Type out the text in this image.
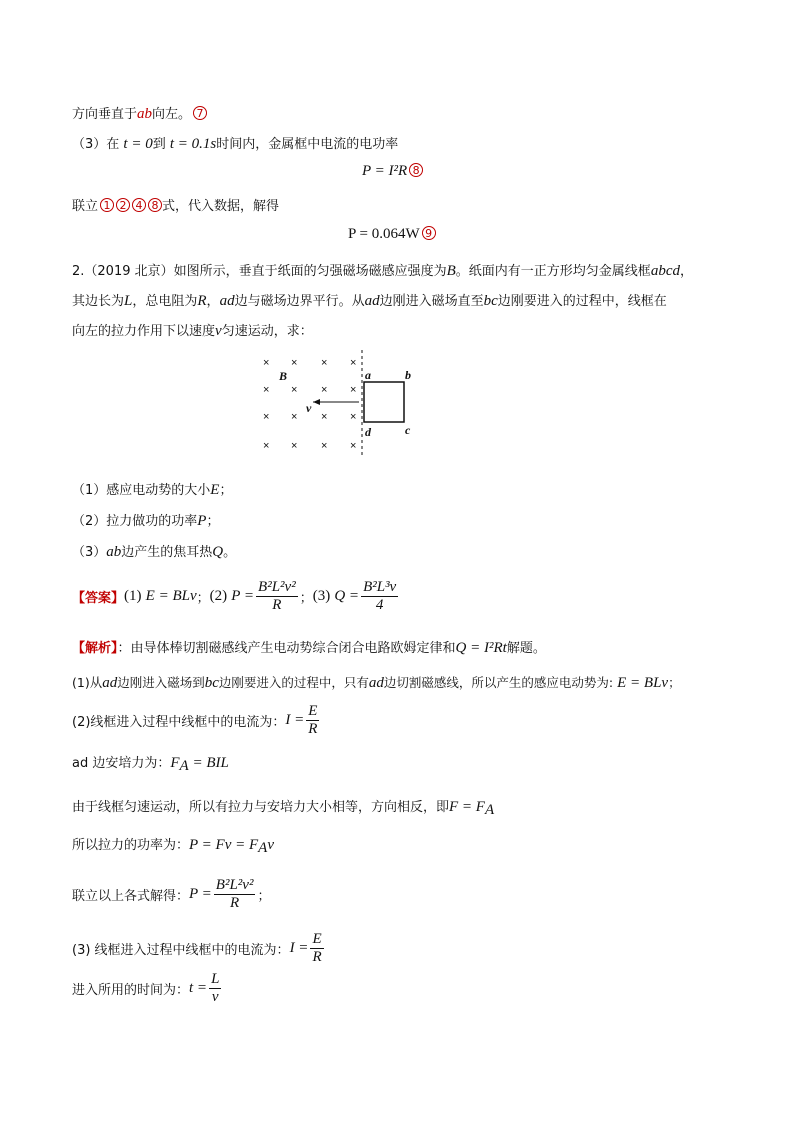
方向垂直于ab向左。 7
（3）在 t = 0到 t = 0.1s时间内，金属框中电流的电功率
P = I²R 8
联立 1 2 4 8 式，代入数据，解得
P = 0.064W 9
2.（2019 北京）如图所示，垂直于纸面的匀强磁场磁感应强度为B。纸面内有一正方形均匀金属线框abcd，
其边长为L，总电阻为R，ad边与磁场边界平行。从ad边刚进入磁场直至bc边刚要进入的过程中，线框在
向左的拉力作用下以速度v匀速运动，求：
× × × ×
× × × ×
× × × ×
× × × ×
B	a	b
c
d
v
（1）感应电动势的大小E；
（2）拉力做功的功率P；
（3）ab边产生的焦耳热Q。
【答案】 (1)
E = BLv ； (2)
$P = \frac{\text{B²L²v²}}{R}$ ； (3)
$Q = \frac{\text{B²L³v}}{4}$
【解析】：由导体棒切割磁感线产生电动势综合闭合电路欧姆定律和Q = I²Rt解题。
(1)从ad边刚进入磁场到bc边刚要进入的过程中，只有ad边切割磁感线，所以产生的感应电动势为: E = BLv；
(2)线框进入过程中线框中的电流为： $I = \frac{E}{R}$
ad 边安培力为：$F_A$ = BIL
由于线框匀速运动，所以有拉力与安培力大小相等，方向相反，即$F = F_A$
所以拉力的功率为：$P = Fv = F_Av$
联立以上各式解得： $P = \frac{\text{B²L²v²}}{R}$ ；
(3) 线框进入过程中线框中的电流为： $I = \frac{E}{R}$
进入所用的时间为： $t = \frac{L}{v}$
